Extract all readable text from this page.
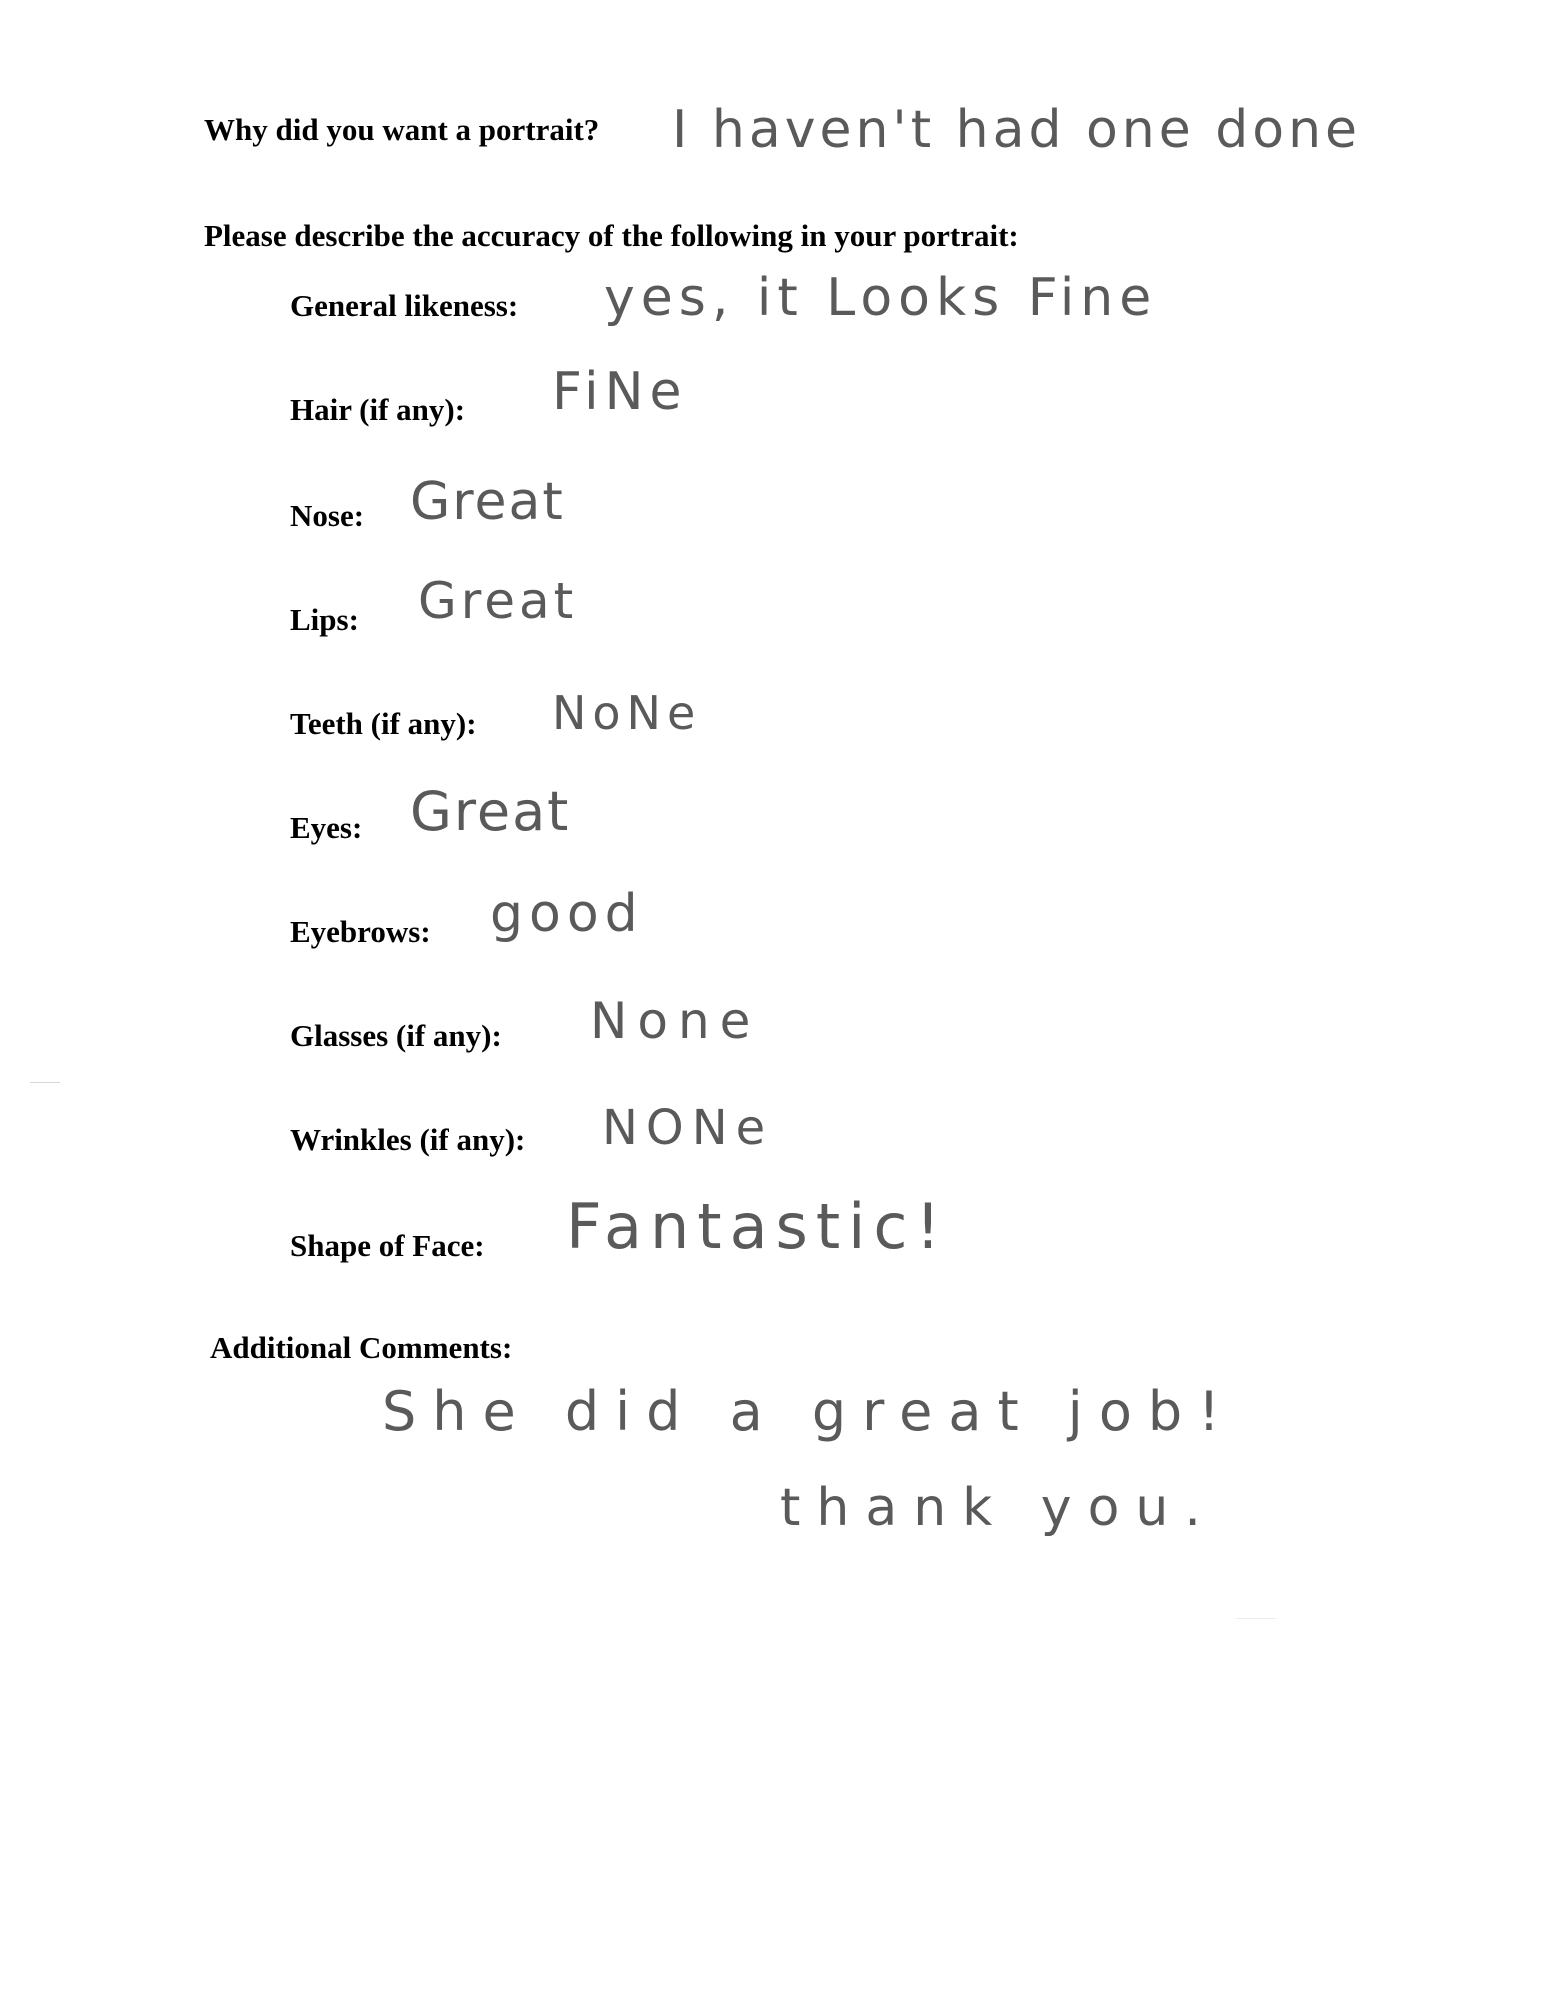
Why did you want a portrait? I haven't had one done
Please describe the accuracy of the following in your portrait:
General likeness: yes, it Looks Fine
Hair (if any): FiNe
Nose: Great
Lips: Great
Teeth (if any): NoNe
Eyes: Great
Eyebrows: good
Glasses (if any): None
Wrinkles (if any): NONe
Shape of Face: Fantastic!
Additional Comments:
She did a great job!
thank you.
